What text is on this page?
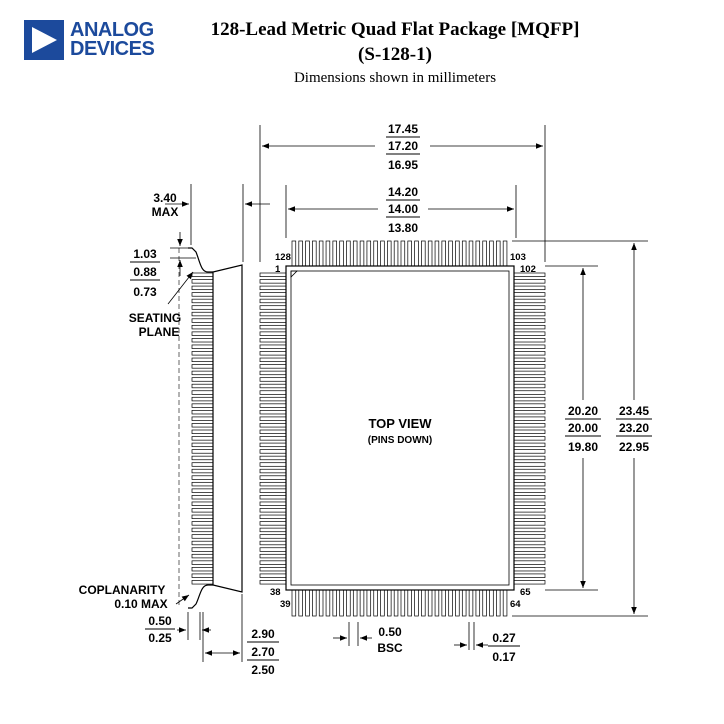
ANALOG
DEVICES
128-Lead Metric Quad Flat Package [MQFP]
(S-128-1)
Dimensions shown in millimeters
TOP VIEW
(PINS DOWN)
128
1
103
102
38
39
65
64
17.45
17.20
16.95
14.20
14.00
13.80
20.20
20.00
19.80
23.45
23.20
22.95
3.40
MAX
1.03
0.88
0.73
SEATING
PLANE
COPLANARITY
0.10 MAX
0.50
0.25	2.90
2.70
2.50
0.50
BSC
0.27
0.17
